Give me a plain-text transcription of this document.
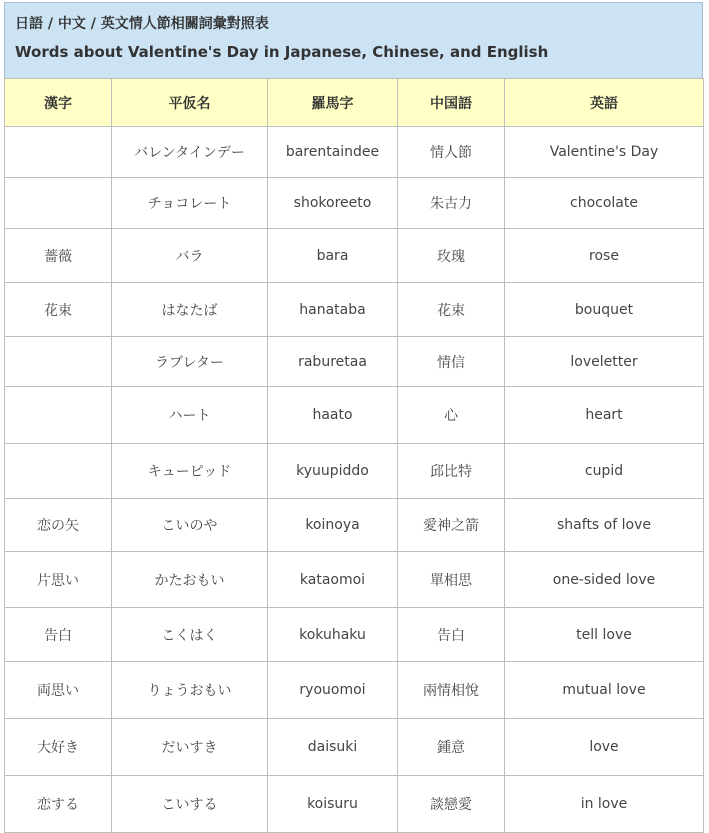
日語 / 中文 / 英文情人節相關詞彙對照表
Words about Valentine's Day in Japanese, Chinese, and English
漢字	平仮名	羅馬字	中国語	英語
	バレンタインデー	barentaindee	情人節	Valentine's Day
	チョコレート	shokoreeto	朱古力	chocolate
薔薇	バラ	bara	玫瑰	rose
花束	はなたば	hanataba	花束	bouquet
	ラブレター	raburetaa	情信	loveletter
	ハート	haato	心	heart
	キューピッド	kyuupiddo	邱比特	cupid
恋の矢	こいのや	koinoya	愛神之箭	shafts of love
片思い	かたおもい	kataomoi	單相思	one-sided love
告白	こくはく	kokuhaku	告白	tell love
両思い	りょうおもい	ryouomoi	兩情相悅	mutual love
大好き	だいすき	daisuki	鍾意	love
恋する	こいする	koisuru	談戀愛	in love
